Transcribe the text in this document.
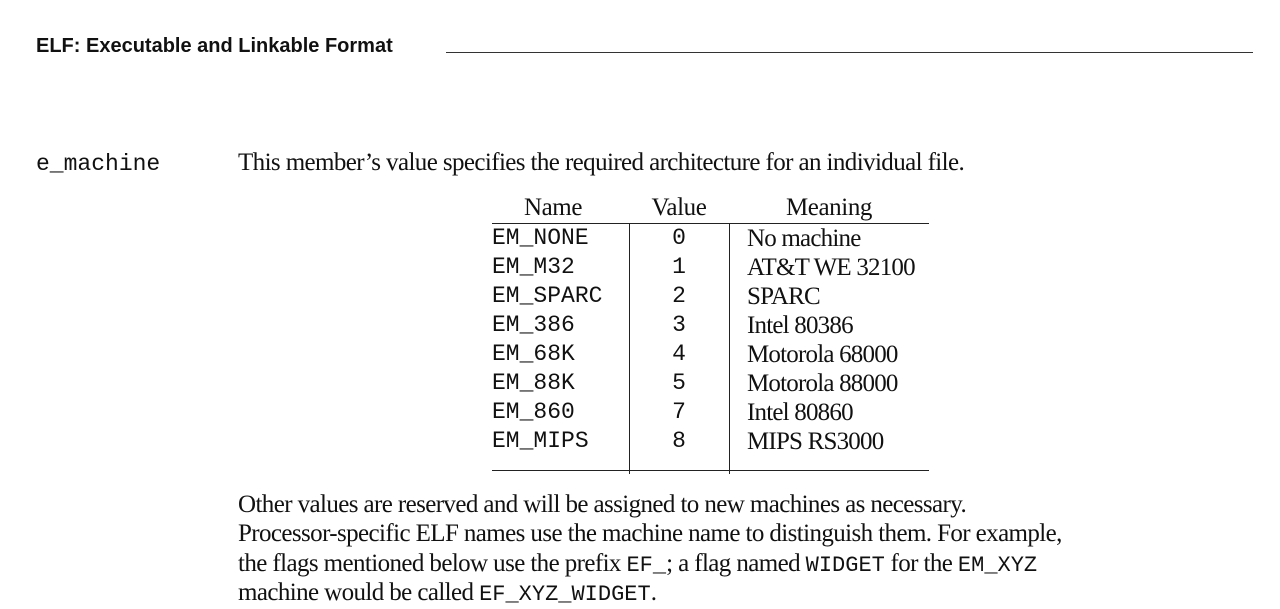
ELF: Executable and Linkable Format
e_machine	This member’s value specifies the required architecture for an individual file.
Name	Value	Meaning
EM_NONE	0	No machine
EM_M32	1	AT&T WE 32100
EM_SPARC	2	SPARC
EM_386	3	Intel 80386
EM_68K	4	Motorola 68000
EM_88K	5	Motorola 88000
EM_860	7	Intel 80860
EM_MIPS	8	MIPS RS3000
Other values are reserved and will be assigned to new machines as necessary.
Processor-specific ELF names use the machine name to distinguish them. For example,
the flags mentioned below use the prefix EF_; a flag named WIDGET for the EM_XYZ
machine would be called EF_XYZ_WIDGET.
